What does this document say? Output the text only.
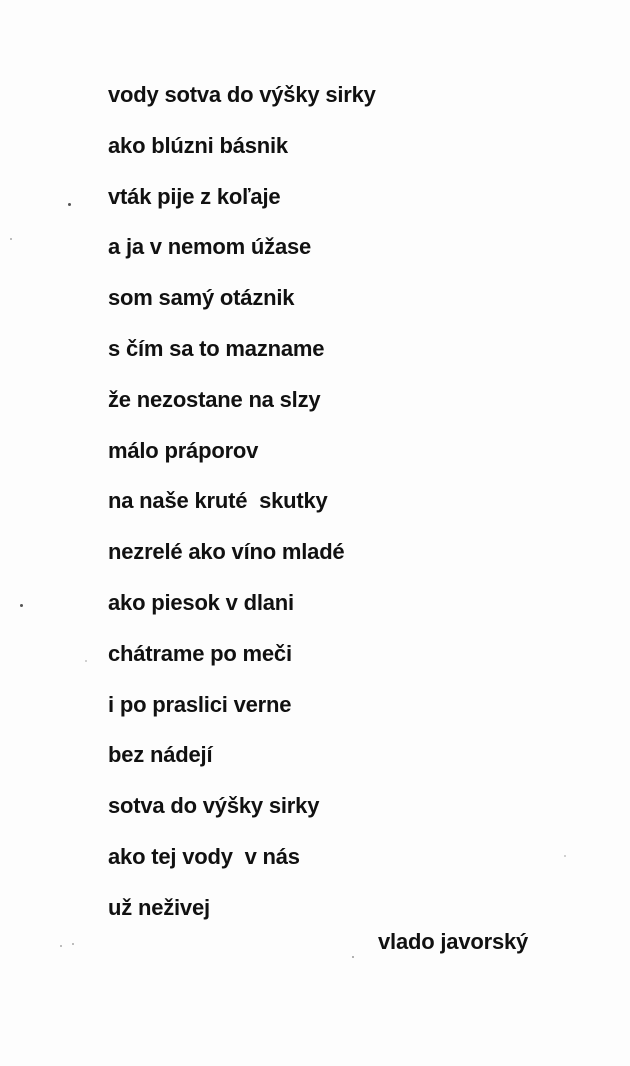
vody sotva do výšky sirky
ako blúzni básnik
vták pije z koľaje
a ja v nemom úžase
som samý otáznik
s čím sa to mazname
že nezostane na slzy
málo práporov
na naše kruté  skutky
nezrelé ako víno mladé
ako piesok v dlani
chátrame po meči
i po praslici verne
bez nádejí
sotva do výšky sirky
ako tej vody  v nás
už neživej
vlado javorský
